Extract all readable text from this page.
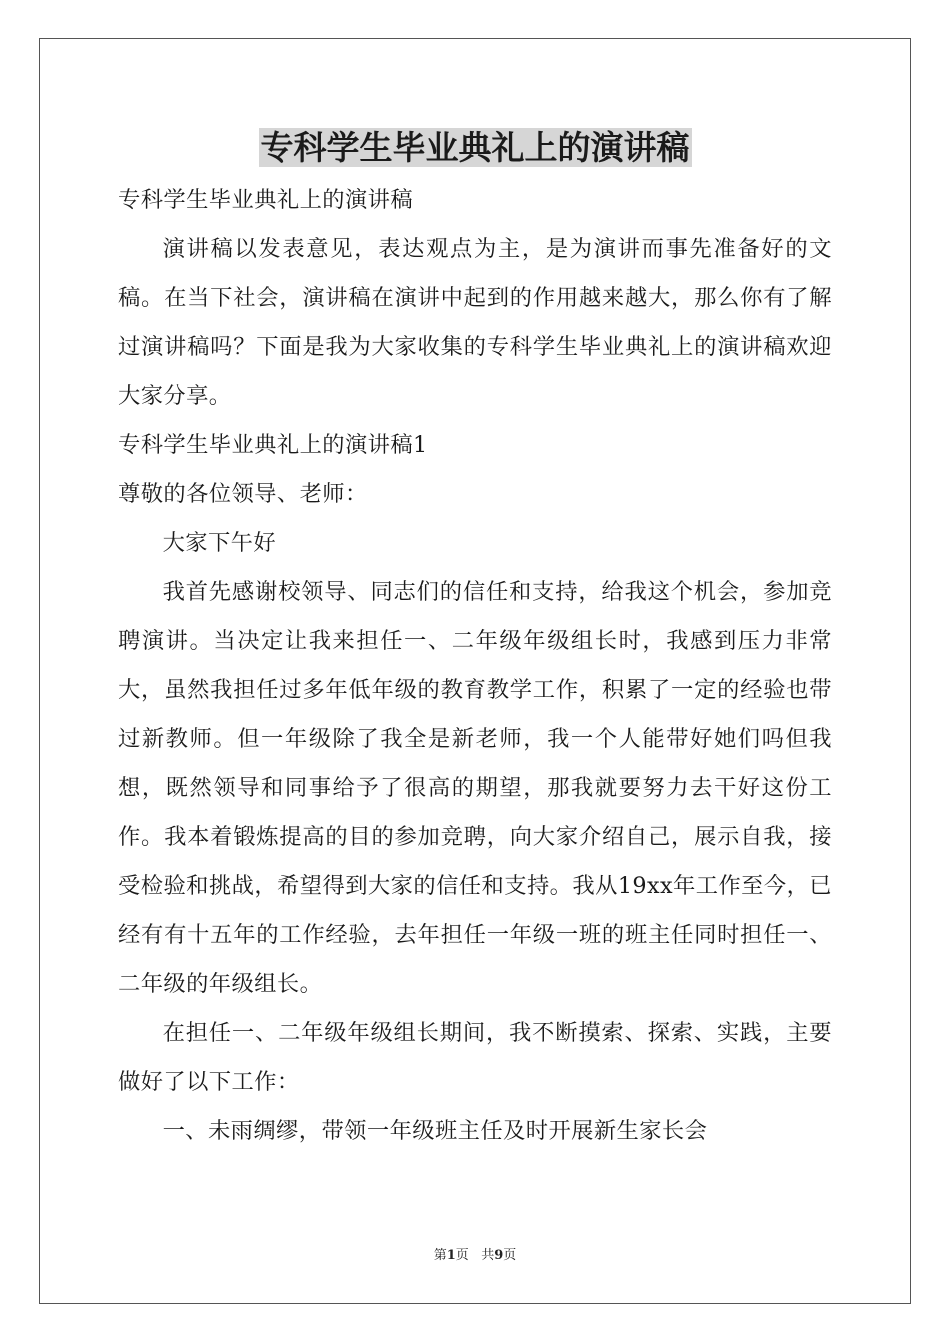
专科学生毕业典礼上的演讲稿

专科学生毕业典礼上的演讲稿

演讲稿以发表意见，表达观点为主，是为演讲而事先准备好的文稿。在当下社会，演讲稿在演讲中起到的作用越来越大，那么你有了解过演讲稿吗？下面是我为大家收集的专科学生毕业典礼上的演讲稿欢迎大家分享。

专科学生毕业典礼上的演讲稿1

尊敬的各位领导、老师：

大家下午好

我首先感谢校领导、同志们的信任和支持，给我这个机会，参加竞聘演讲。当决定让我来担任一、二年级年级组长时，我感到压力非常大，虽然我担任过多年低年级的教育教学工作，积累了一定的经验也带过新教师。但一年级除了我全是新老师，我一个人能带好她们吗但我想，既然领导和同事给予了很高的期望，那我就要努力去干好这份工作。我本着锻炼提高的目的参加竞聘，向大家介绍自己，展示自我，接受检验和挑战，希望得到大家的信任和支持。我从19xx年工作至今，已经有有十五年的工作经验，去年担任一年级一班的班主任同时担任一、二年级的年级组长。

在担任一、二年级年级组长期间，我不断摸索、探索、实践，主要做好了以下工作：

一、未雨绸缪，带领一年级班主任及时开展新生家长会

第1页 共9页
